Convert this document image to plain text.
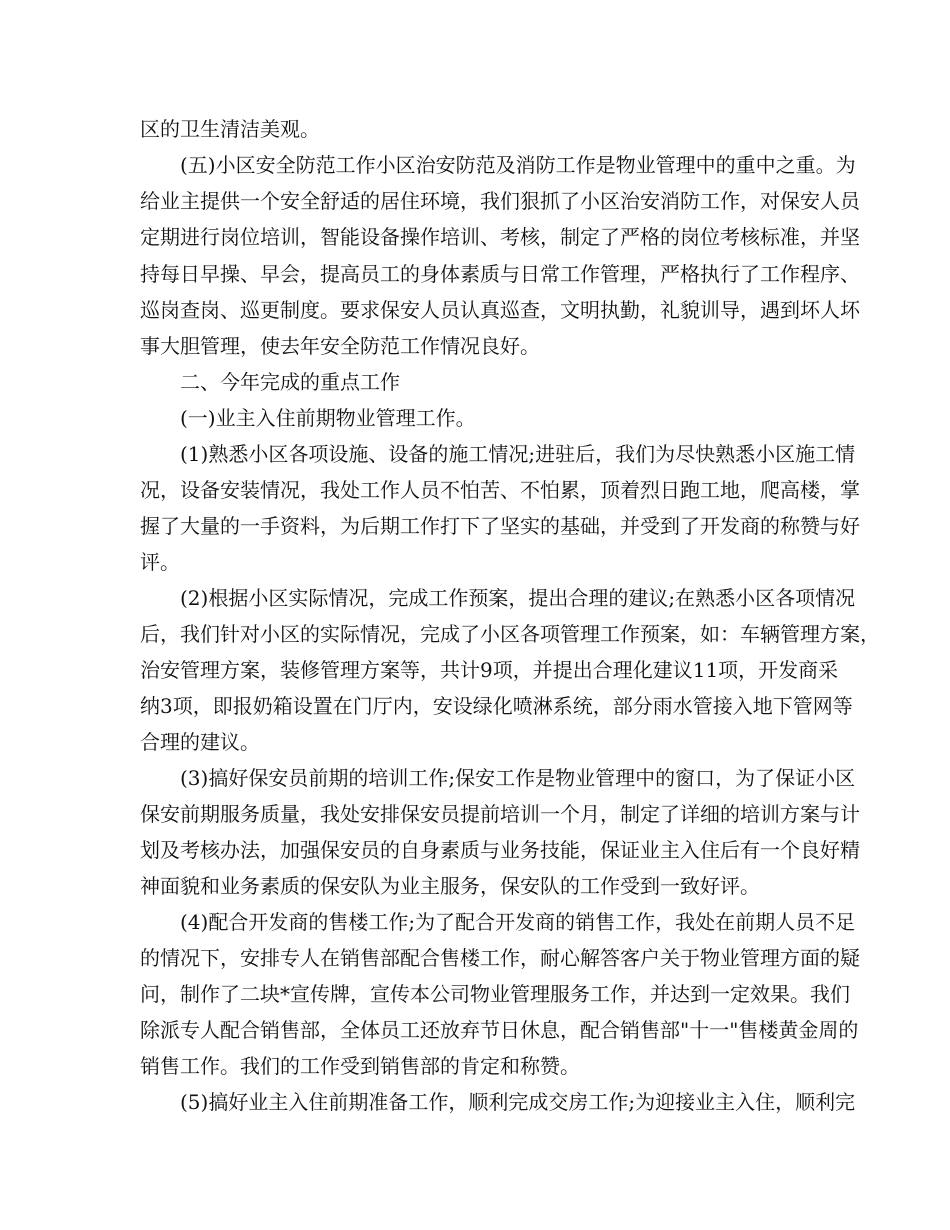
区的卫生清洁美观。
(五)小区安全防范工作小区治安防范及消防工作是物业管理中的重中之重。为
给业主提供一个安全舒适的居住环境，我们狠抓了小区治安消防工作，对保安人员
定期进行岗位培训，智能设备操作培训、考核，制定了严格的岗位考核标准，并坚
持每日早操、早会，提高员工的身体素质与日常工作管理，严格执行了工作程序、
巡岗查岗、巡更制度。要求保安人员认真巡查，文明执勤，礼貌训导，遇到坏人坏
事大胆管理，使去年安全防范工作情况良好。
二、今年完成的重点工作
(一)业主入住前期物业管理工作。
(1)熟悉小区各项设施、设备的施工情况;进驻后，我们为尽快熟悉小区施工情
况，设备安装情况，我处工作人员不怕苦、不怕累，顶着烈日跑工地，爬高楼，掌
握了大量的一手资料，为后期工作打下了坚实的基础，并受到了开发商的称赞与好
评。
(2)根据小区实际情况，完成工作预案，提出合理的建议;在熟悉小区各项情况
后，我们针对小区的实际情况，完成了小区各项管理工作预案，如：车辆管理方案，
治安管理方案，装修管理方案等，共计9项，并提出合理化建议11项，开发商采
纳3项，即报奶箱设置在门厅内，安设绿化喷淋系统，部分雨水管接入地下管网等
合理的建议。
(3)搞好保安员前期的培训工作;保安工作是物业管理中的窗口，为了保证小区
保安前期服务质量，我处安排保安员提前培训一个月，制定了详细的培训方案与计
划及考核办法，加强保安员的自身素质与业务技能，保证业主入住后有一个良好精
神面貌和业务素质的保安队为业主服务，保安队的工作受到一致好评。
(4)配合开发商的售楼工作;为了配合开发商的销售工作，我处在前期人员不足
的情况下，安排专人在销售部配合售楼工作，耐心解答客户关于物业管理方面的疑
问，制作了二块*宣传牌，宣传本公司物业管理服务工作，并达到一定效果。我们
除派专人配合销售部，全体员工还放弃节日休息，配合销售部"十一"售楼黄金周的
销售工作。我们的工作受到销售部的肯定和称赞。
(5)搞好业主入住前期准备工作，顺利完成交房工作;为迎接业主入住，顺利完
